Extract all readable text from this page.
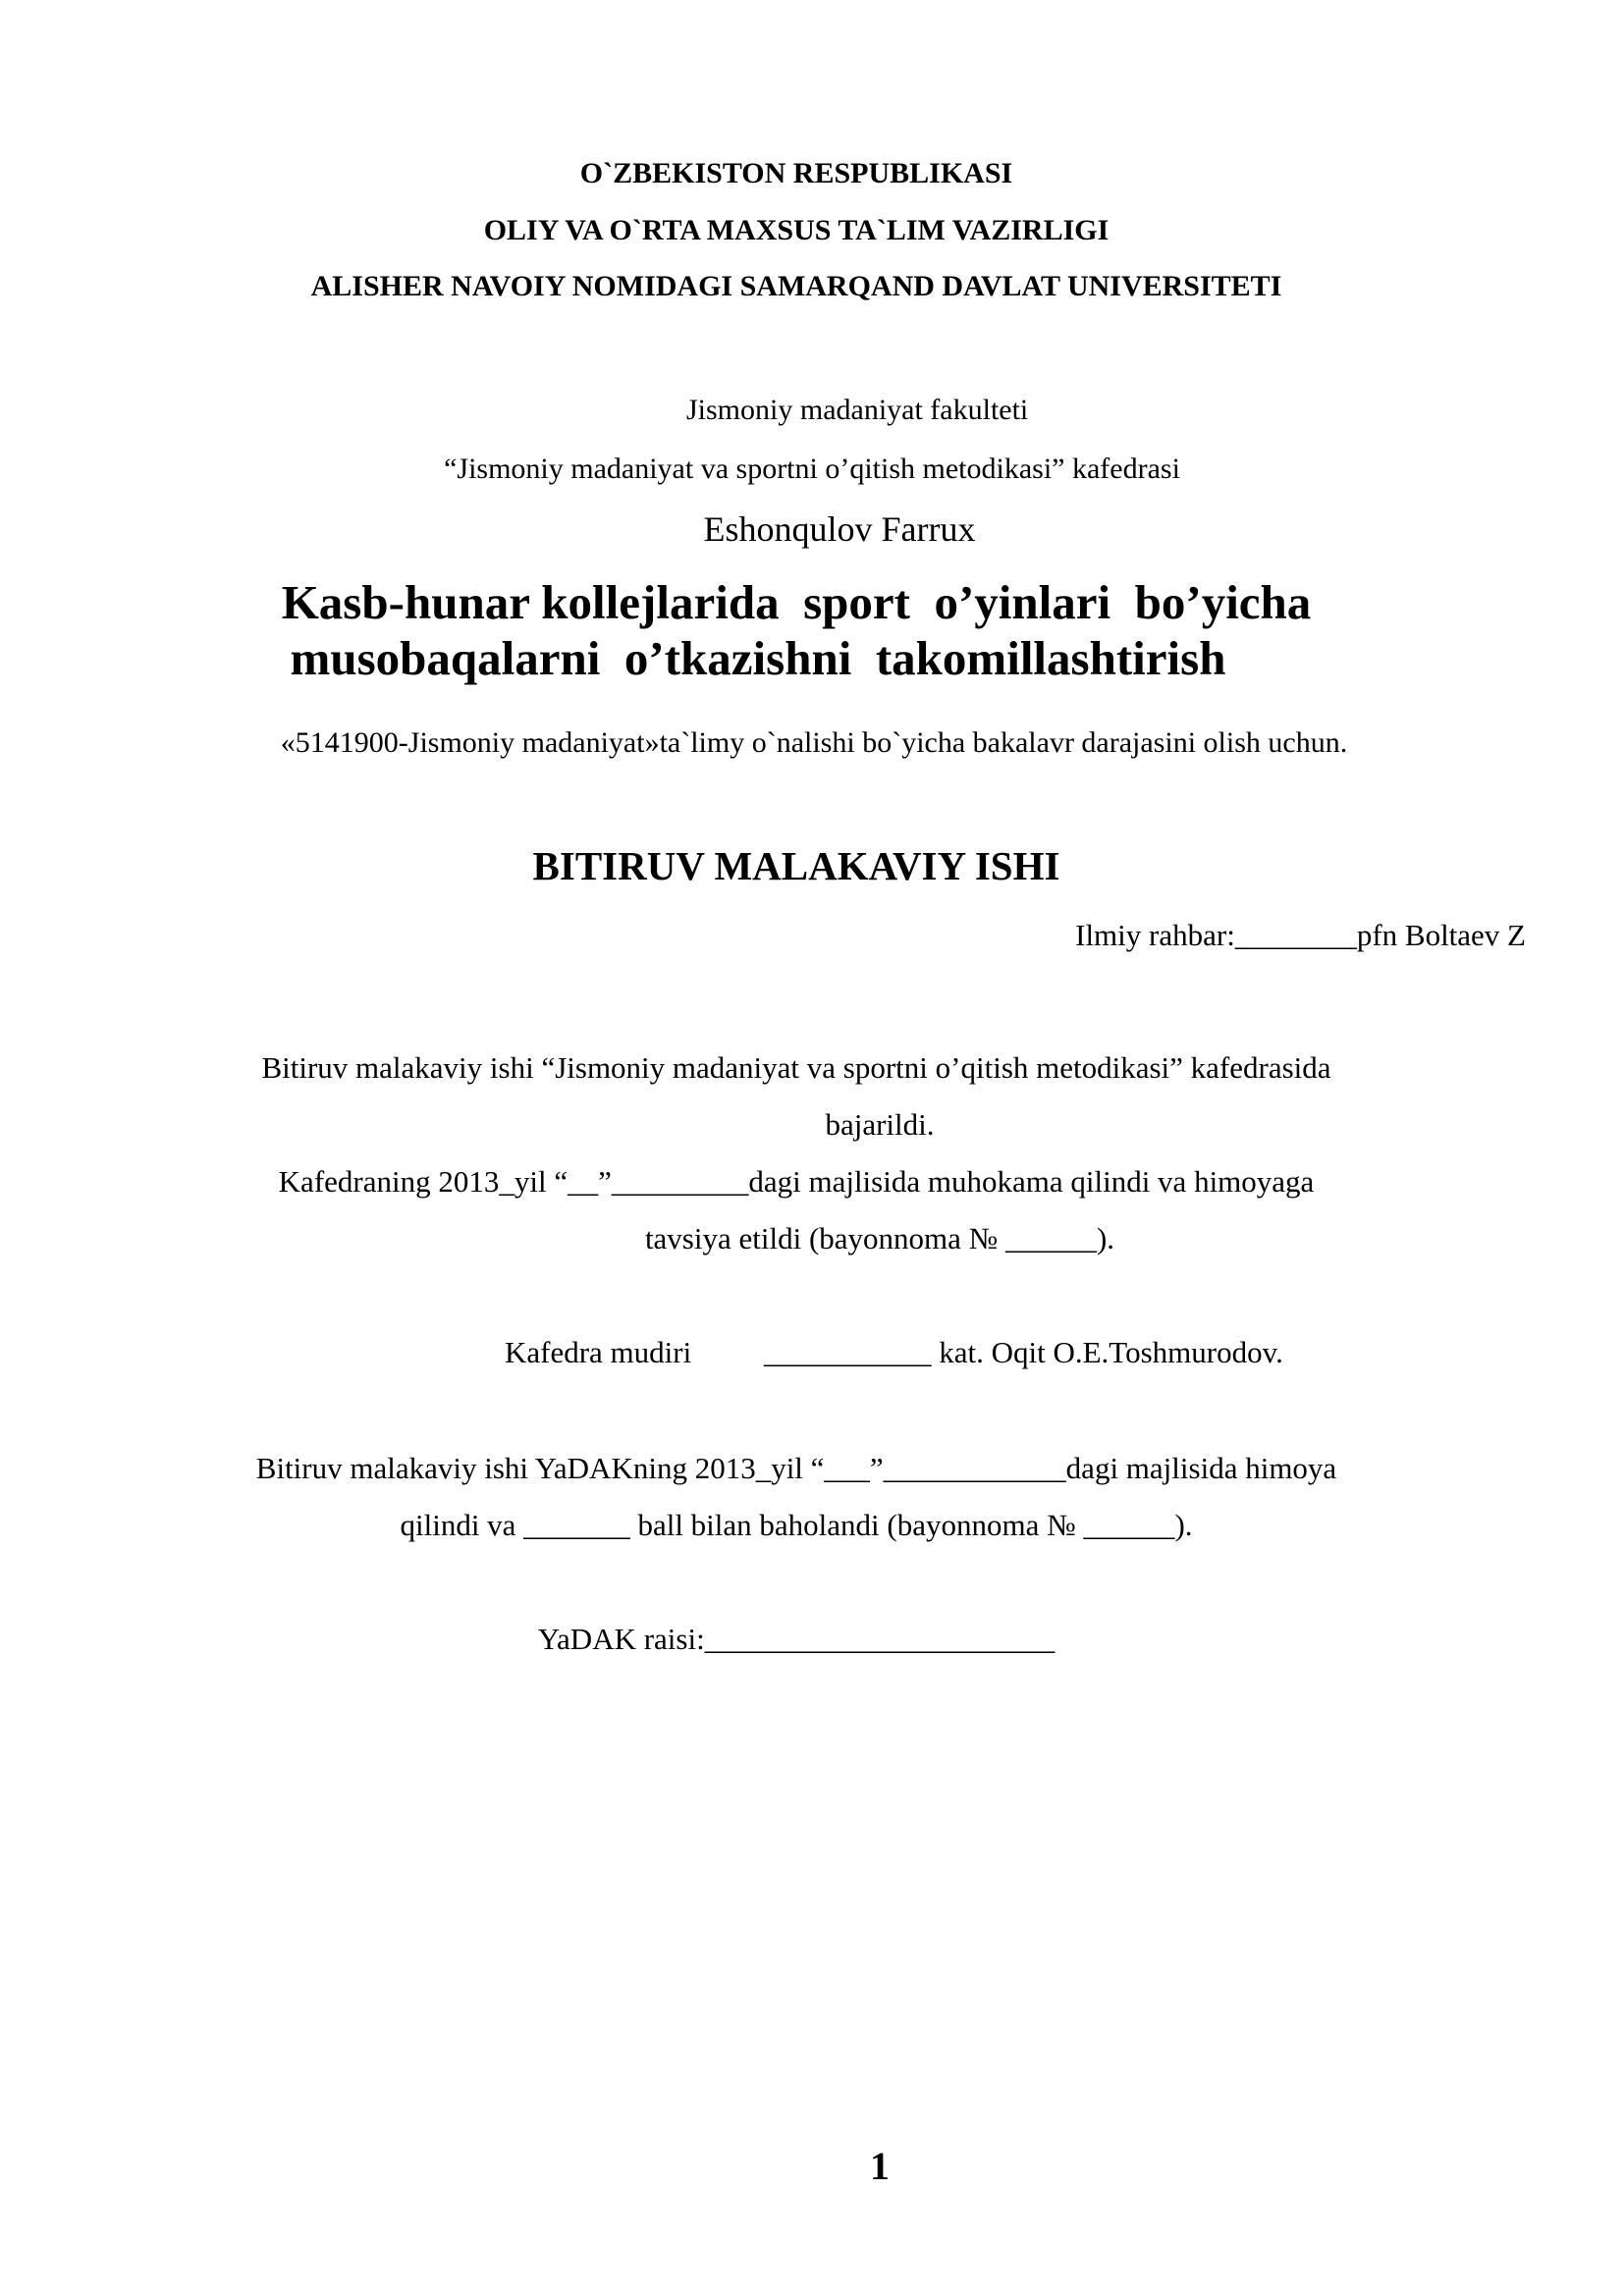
O`ZBEKISTON RESPUBLIKASI
OLIY VA O`RTA MAXSUS TA`LIM VAZIRLIGI
ALISHER NAVOIY NOMIDAGI SAMARQAND DAVLAT UNIVERSITETI
Jismoniy madaniyat fakulteti
“Jismoniy madaniyat va sportni o’qitish metodikasi” kafedrasi
Eshonqulov Farrux
Kasb-hunar kollejlarida  sport  o’yinlari  bo’yicha
musobaqalarni  o’tkazishni  takomillashtirish
«5141900-Jismoniy madaniyat»ta`limy o`nalishi bo`yicha bakalavr darajasini olish uchun.
BITIRUV MALAKAVIY ISHI
Ilmiy rahbar:________pfn Boltaev Z
Bitiruv malakaviy ishi “Jismoniy madaniyat va sportni o’qitish metodikasi” kafedrasida
bajarildi.
Kafedraning 2013_yil “__”_________dagi majlisida muhokama qilindi va himoyaga
tavsiya etildi (bayonnoma № ______).
Kafedra mudiri ___________ kat. Oqit O.E.Toshmurodov.
Bitiruv malakaviy ishi YaDAKning 2013_yil “___”____________dagi majlisida himoya
qilindi va _______ ball bilan baholandi (bayonnoma № ______).
YaDAK raisi:_______________________
1
